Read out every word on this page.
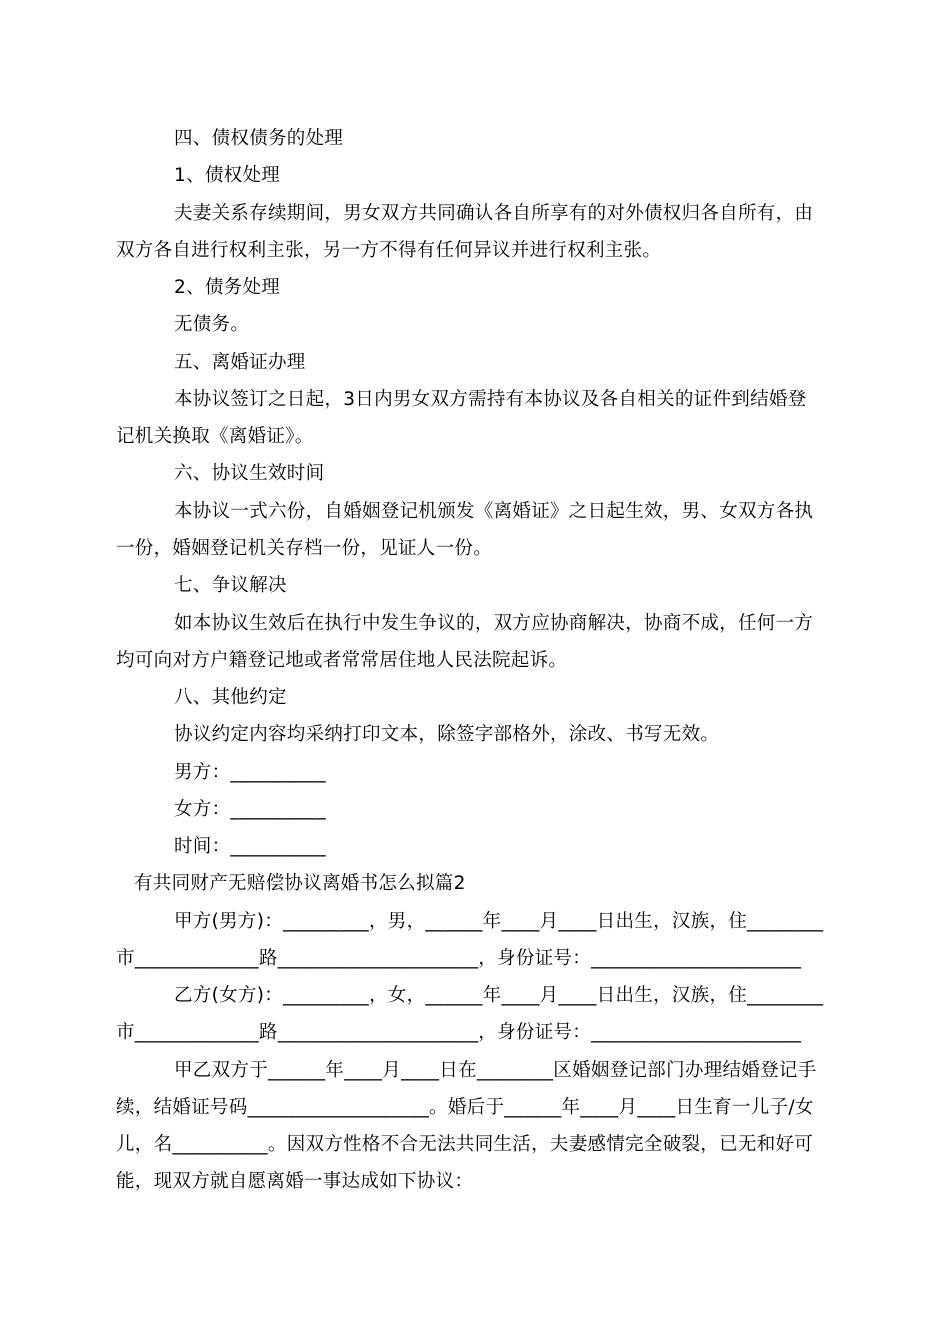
四、债权债务的处理
1、债权处理
夫妻关系存续期间，男女双方共同确认各自所享有的对外债权归各自所有，由
双方各自进行权利主张，另一方不得有任何异议并进行权利主张。
2、债务处理
无债务。
五、离婚证办理
本协议签订之日起，3日内男女双方需持有本协议及各自相关的证件到结婚登
记机关换取《离婚证》。
六、协议生效时间
本协议一式六份，自婚姻登记机颁发《离婚证》之日起生效，男、女双方各执
一份，婚姻登记机关存档一份，见证人一份。
七、争议解决
如本协议生效后在执行中发生争议的，双方应协商解决，协商不成，任何一方
均可向对方户籍登记地或者常常居住地人民法院起诉。
八、其他约定
协议约定内容均采纳打印文本，除签字部格外，涂改、书写无效。
男方：__________
女方：__________
时间：__________
有共同财产无赔偿协议离婚书怎么拟篇2
甲方(男方)：_________，男，______年____月____日出生，汉族，住________
市_____________路_____________________，身份证号：______________________
乙方(女方)：_________，女，______年____月____日出生，汉族，住________
市_____________路_____________________，身份证号：______________________
甲乙双方于______年____月____日在________区婚姻登记部门办理结婚登记手
续，结婚证号码___________________。婚后于______年____月____日生育一儿子/女
儿，名__________。因双方性格不合无法共同生活，夫妻感情完全破裂，已无和好可
能，现双方就自愿离婚一事达成如下协议：
